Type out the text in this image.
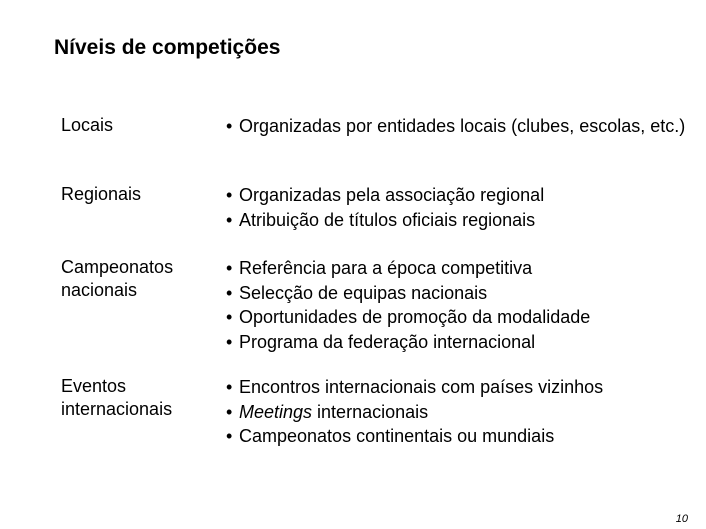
Níveis de competições
Locais	• Organizadas por entidades locais (clubes, escolas, etc.)
Regionais	• Organizadas pela associação regional
• Atribuição de títulos oficiais regionais
Campeonatos nacionais
• Referência para a época competitiva
• Selecção de equipas nacionais
• Oportunidades de promoção da modalidade
• Programa da federação internacional
Eventos internacionais
• Encontros internacionais com países vizinhos
• Meetings internacionais
• Campeonatos continentais ou mundiais
10
